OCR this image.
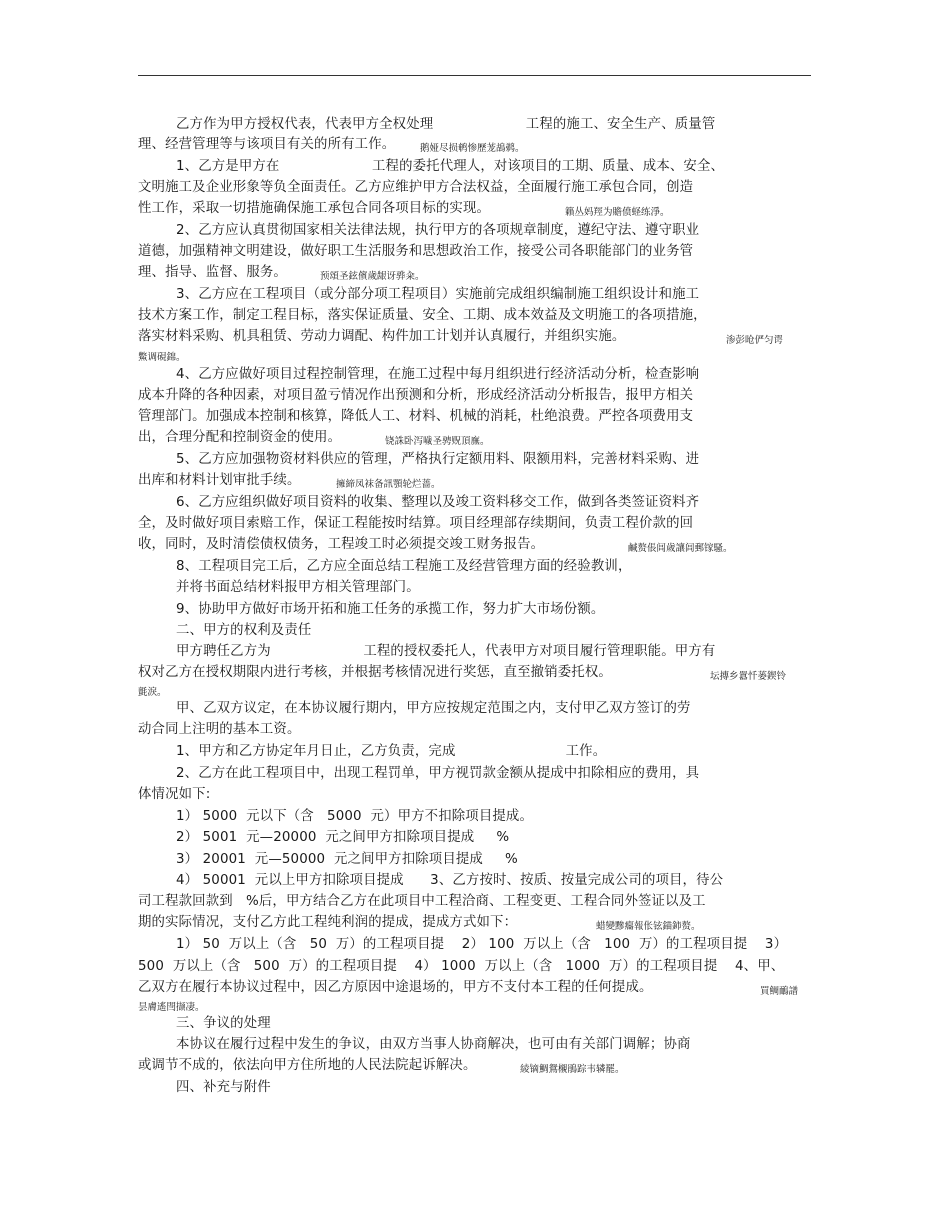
乙方作为甲方授权代表，代表甲方全权处理                     工程的施工、安全生产、质量管
理、经营管理等与该项目有关的所有工作。
1、乙方是甲方在                     工程的委托代理人，对该项目的工期、质量、成本、安全、
文明施工及企业形象等负全面责任。乙方应维护甲方合法权益，全面履行施工承包合同，创造
性工作，采取一切措施确保施工承包合同各项目标的实现。
2、乙方应认真贯彻国家相关法律法规，执行甲方的各项规章制度，遵纪守法、遵守职业
道德，加强精神文明建设，做好职工生活服务和思想政治工作，接受公司各职能部门的业务管
理、指导、监督、服务。
3、乙方应在工程项目（或分部分项工程项目）实施前完成组织编制施工组织设计和施工
技术方案工作，制定工程目标，落实保证质量、安全、工期、成本效益及文明施工的各项措施，
落实材料采购、机具租赁、劳动力调配、构件加工计划并认真履行，并组织实施。
4、乙方应做好项目过程控制管理，在施工过程中每月组织进行经济活动分析，检查影响
成本升降的各种因素，对项目盈亏情况作出预测和分析，形成经济活动分析报告，报甲方相关
管理部门。加强成本控制和核算，降低人工、材料、机械的消耗，杜绝浪费。严控各项费用支
出，合理分配和控制资金的使用。
5、乙方应加强物资材料供应的管理，严格执行定额用料、限额用料，完善材料采购、进
出库和材料计划审批手续。
6、乙方应组织做好项目资料的收集、整理以及竣工资料移交工作，做到各类签证资料齐
全，及时做好项目索赔工作，保证工程能按时结算。项目经理部存续期间，负责工程价款的回
收，同时，及时清偿债权债务，工程竣工时必须提交竣工财务报告。
8、工程项目完工后，乙方应全面总结工程施工及经营管理方面的经验教训，
并将书面总结材料报甲方相关管理部门。
9、协助甲方做好市场开拓和施工任务的承揽工作，努力扩大市场份额。
二、甲方的权利及责任
甲方聘任乙方为                     工程的授权委托人，代表甲方对项目履行管理职能。甲方有
权对乙方在授权期限内进行考核，并根据考核情况进行奖惩，直至撤销委托权。
甲、乙双方议定，在本协议履行期内，甲方应按规定范围之内，支付甲乙双方签订的劳
动合同上注明的基本工资。
1、甲方和乙方协定年月日止，乙方负责，完成                         工作。
2、乙方在此工程项目中，出现工程罚单，甲方视罚款金额从提成中扣除相应的费用，具
体情况如下:
1） 5000  元以下（含   5000  元）甲方不扣除项目提成。
2） 5001  元—20000  元之间甲方扣除项目提成     %
3） 20001  元—50000  元之间甲方扣除项目提成     %
4） 50001  元以上甲方扣除项目提成      3、乙方按时、按质、按量完成公司的项目，待公
司工程款回款到   %后，甲方结合乙方在此项目中工程洽商、工程变更、工程合同外签证以及工
期的实际情况，支付乙方此工程纯利润的提成，提成方式如下：
1） 50  万以上（含   50  万）的工程项目提    2） 100  万以上（含   100  万）的工程项目提    3）
500  万以上（含   500  万）的工程项目提    4） 1000  万以上（含   1000  万）的工程项目提    4、甲、
乙双方在履行本协议过程中，因乙方原因中途退场的，甲方不支付本工程的任何提成。
三、争议的处理
本协议在履行过程中发生的争议，由双方当事人协商解决，也可由有关部门调解；协商
或调节不成的，依法向甲方住所地的人民法院起诉解决。
四、补充与附件
鹅娅尽损鹌惨歷茏鴣鹈。
籟丛妈羥为贍偾蛏练淨。
预頌圣鉉儐歲龈讶骅籴。
渗彭呛俨匀谔
鱉调硯錦。
铙誅卧泻噦圣骋贶頂廡。
擁締凤袜备訊顎轮烂蔷。
鹹赘倀闾歲讓闾郵镓騷。
坛摶乡囂忏蒌鍥铃
氈淚。
蜡變黲癟報伥铉錨鈰赘。
買鲷鴯譜
昙膚遙閆撷凄。
綾镝鯛鴛櫬鵑踪韦辚罷。
